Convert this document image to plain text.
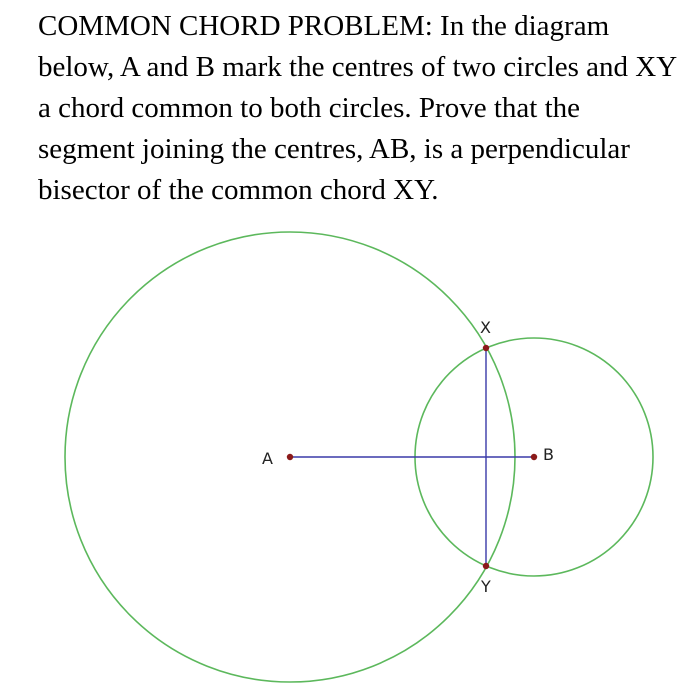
COMMON CHORD PROBLEM: In the diagram below, A and B mark the centres of two circles and XY a chord common to both circles. Prove that the segment joining the centres, AB, is a perpendicular bisector of the common chord XY.

A	B
X
Y
